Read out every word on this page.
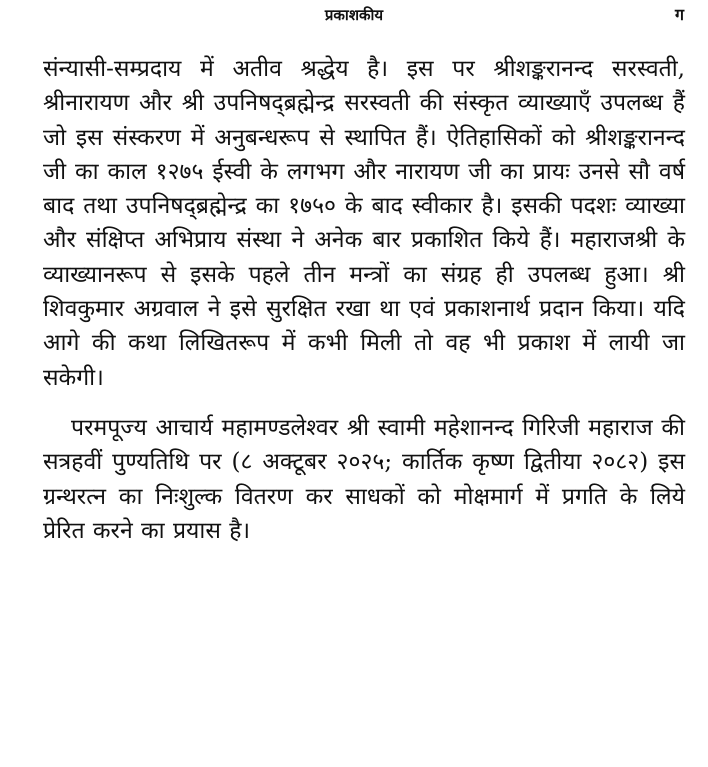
प्रकाशकीय	ग

संन्यासी-सम्प्रदाय में अतीव श्रद्धेय है। इस पर श्रीशङ्करानन्द सरस्वती, श्रीनारायण और श्री उपनिषद्ब्रह्मेन्द्र सरस्वती की संस्कृत व्याख्याएँ उपलब्ध हैं जो इस संस्करण में अनुबन्धरूप से स्थापित हैं। ऐतिहासिकों को श्रीशङ्करानन्द जी का काल १२७५ ईस्वी के लगभग और नारायण जी का प्रायः उनसे सौ वर्ष बाद तथा उपनिषद्ब्रह्मेन्द्र का १७५० के बाद स्वीकार है। इसकी पदशः व्याख्या और संक्षिप्त अभिप्राय संस्था ने अनेक बार प्रकाशित किये हैं। महाराजश्री के व्याख्यानरूप से इसके पहले तीन मन्त्रों का संग्रह ही उपलब्ध हुआ। श्री शिवकुमार अग्रवाल ने इसे सुरक्षित रखा था एवं प्रकाशनार्थ प्रदान किया। यदि आगे की कथा लिखितरूप में कभी मिली तो वह भी प्रकाश में लायी जा सकेगी।

परमपूज्य आचार्य महामण्डलेश्वर श्री स्वामी महेशानन्द गिरिजी महाराज की सत्रहवीं पुण्यतिथि पर (८ अक्टूबर २०२५; कार्तिक कृष्ण द्वितीया २०८२) इस ग्रन्थरत्न का निःशुल्क वितरण कर साधकों को मोक्षमार्ग में प्रगति के लिये प्रेरित करने का प्रयास है।
